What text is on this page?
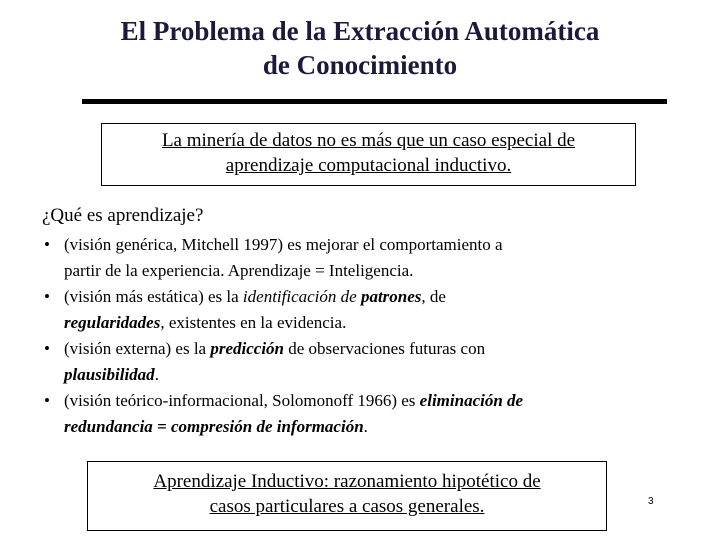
El Problema de la Extracción Automática
de Conocimiento
La minería de datos no es más que un caso especial de
aprendizaje computacional inductivo.
¿Qué es aprendizaje?
• (visión genérica, Mitchell 1997) es mejorar el comportamiento a
partir de la experiencia. Aprendizaje = Inteligencia.
• (visión más estática) es la identificación de patrones, de
regularidades, existentes en la evidencia.
• (visión externa) es la predicción de observaciones futuras con
plausibilidad.
• (visión teórico-informacional, Solomonoff 1966) es eliminación de
redundancia = compresión de información.
Aprendizaje Inductivo: razonamiento hipotético de
casos particulares a casos generales.	3
